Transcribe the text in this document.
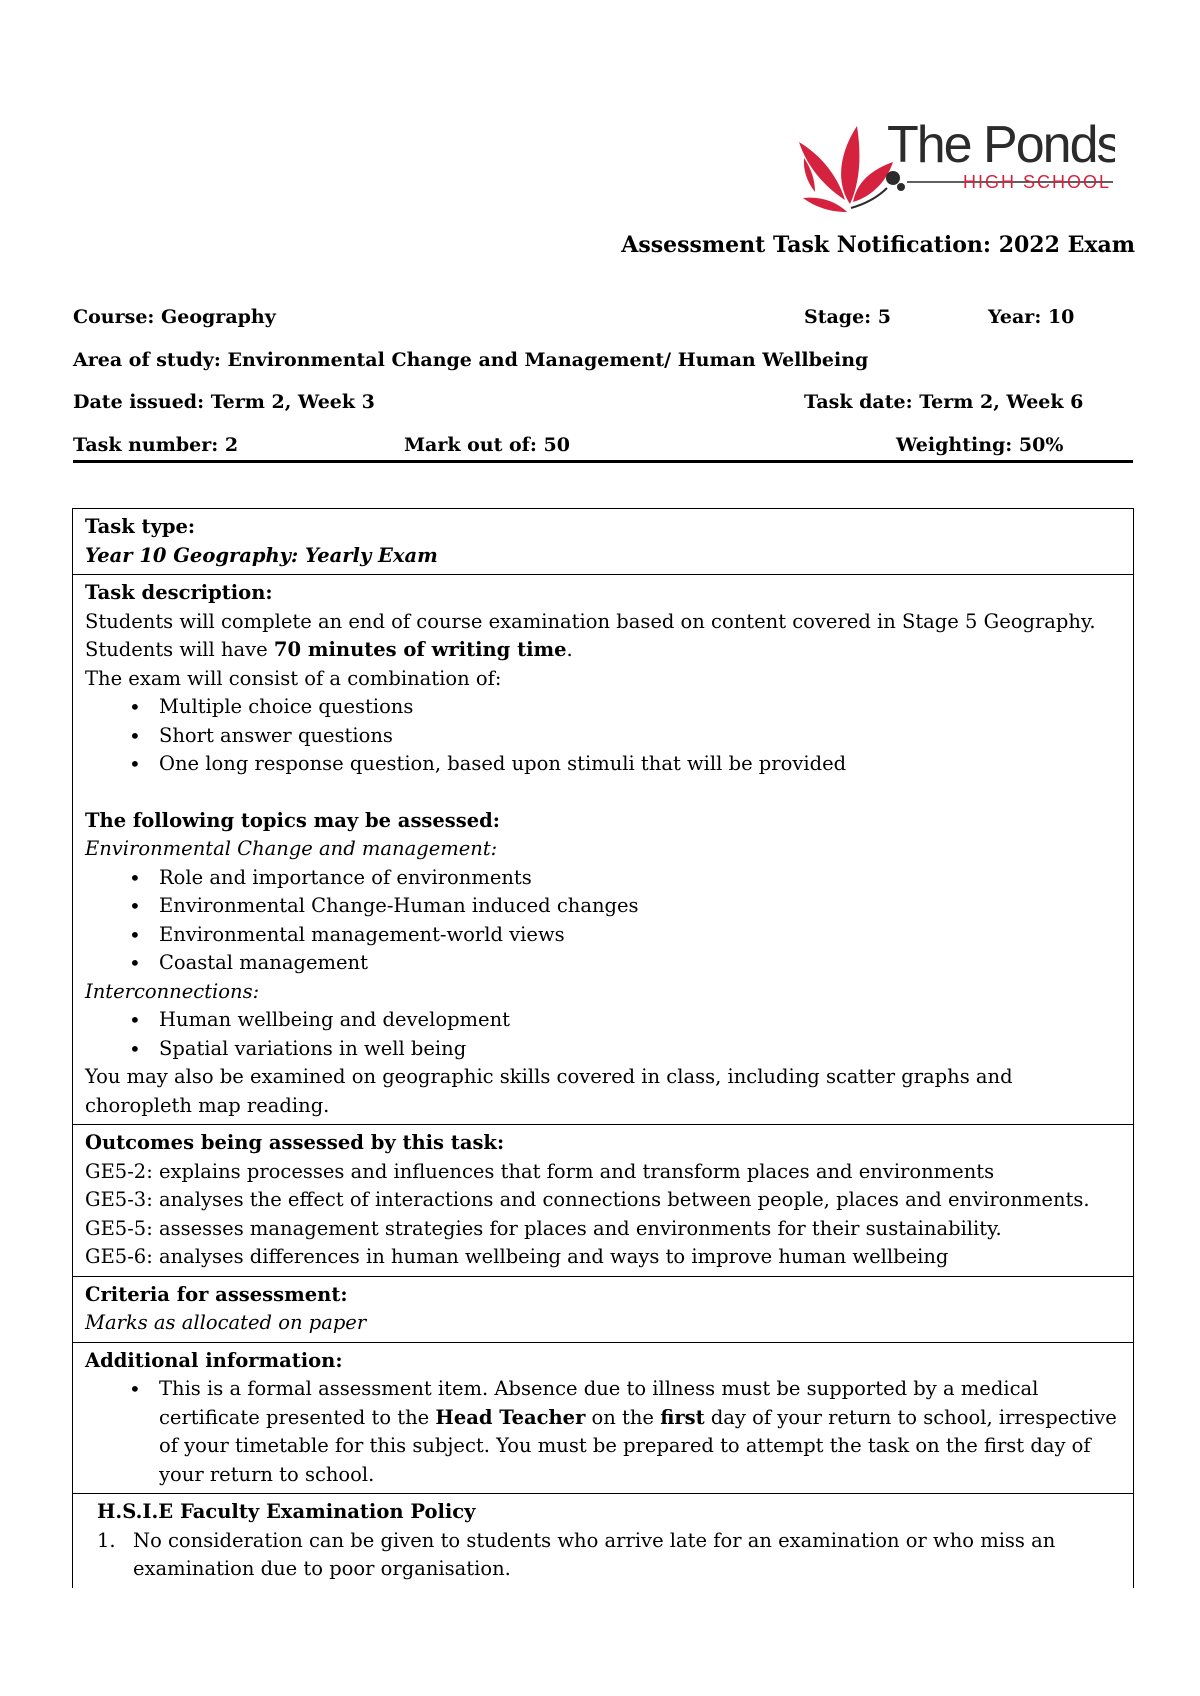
The Ponds
HIGH SCHOOL
Assessment Task Notification: 2022 Exam

Course: Geography	Stage: 5	Year: 10

Area of study: Environmental Change and Management/ Human Wellbeing

Date issued: Term 2, Week 3	Task date: Term 2, Week 6

Task number: 2	Mark out of: 50	Weighting: 50%

Task type:

Year 10 Geography: Yearly Exam

Task description:

Students will complete an end of course examination based on content covered in Stage 5 Geography. Students will have 70 minutes of writing time.

The exam will consist of a combination of:

• Multiple choice questions
• Short answer questions
• One long response question, based upon stimuli that will be provided

The following topics may be assessed:

Environmental Change and management:

• Role and importance of environments
• Environmental Change-Human induced changes
• Environmental management-world views
• Coastal management

Interconnections:

• Human wellbeing and development
• Spatial variations in well being

You may also be examined on geographic skills covered in class, including scatter graphs and choropleth map reading.

Outcomes being assessed by this task:

GE5-2: explains processes and influences that form and transform places and environments

GE5-3: analyses the effect of interactions and connections between people, places and environments.

GE5-5: assesses management strategies for places and environments for their sustainability.

GE5-6: analyses differences in human wellbeing and ways to improve human wellbeing

Criteria for assessment:

Marks as allocated on paper

Additional information:

• This is a formal assessment item. Absence due to illness must be supported by a medical certificate presented to the Head Teacher on the first day of your return to school, irrespective of your timetable for this subject. You must be prepared to attempt the task on the first day of your return to school.

H.S.I.E Faculty Examination Policy

1. No consideration can be given to students who arrive late for an examination or who miss an examination due to poor organisation.
